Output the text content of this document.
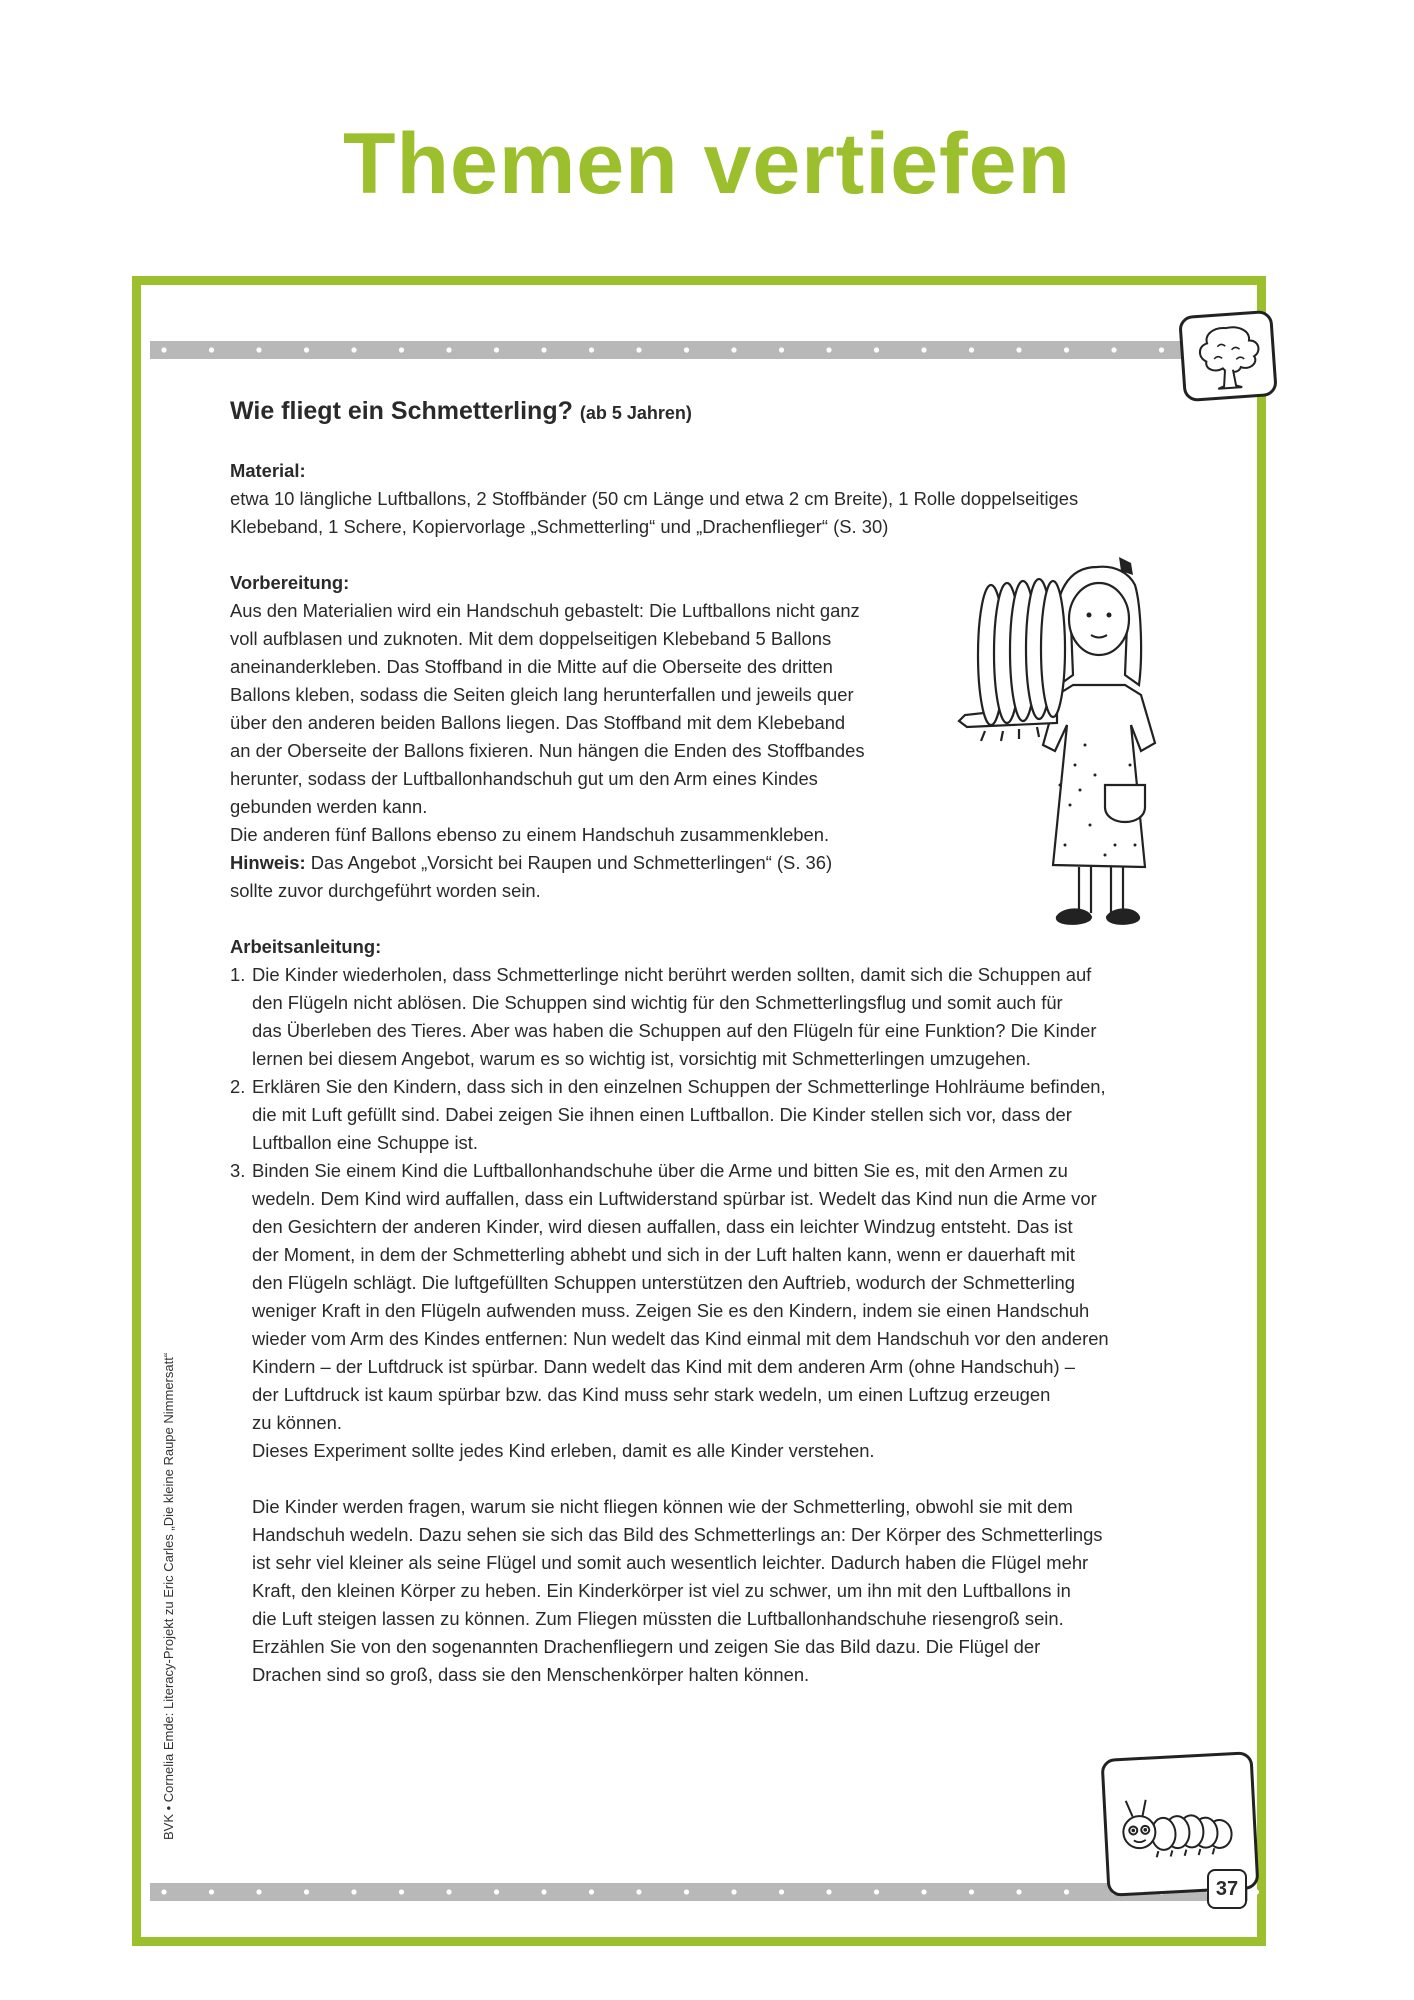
Themen vertiefen
37
BVK • Cornelia Emde: Literacy-Projekt zu Eric Carles „Die kleine Raupe Nimmersatt“
Wie fliegt ein Schmetterling? (ab 5 Jahren)

Material:

etwa 10 längliche Luftballons, 2 Stoffbänder (50 cm Länge und etwa 2 cm Breite), 1 Rolle doppelseitiges

Klebeband, 1 Schere, Kopiervorlage „Schmetterling“ und „Drachenflieger“ (S. 30)

Vorbereitung:

Aus den Materialien wird ein Handschuh gebastelt: Die Luftballons nicht ganz

voll aufblasen und zuknoten. Mit dem doppelseitigen Klebeband 5 Ballons

aneinanderkleben. Das Stoffband in die Mitte auf die Oberseite des dritten

Ballons kleben, sodass die Seiten gleich lang herunterfallen und jeweils quer

über den anderen beiden Ballons liegen. Das Stoffband mit dem Klebeband

an der Oberseite der Ballons fixieren. Nun hängen die Enden des Stoffbandes

herunter, sodass der Luftballonhandschuh gut um den Arm eines Kindes

gebunden werden kann.

Die anderen fünf Ballons ebenso zu einem Handschuh zusammenkleben.

Hinweis: Das Angebot „Vorsicht bei Raupen und Schmetterlingen“ (S. 36)

sollte zuvor durchgeführt worden sein.

Arbeitsanleitung:

1. Die Kinder wiederholen, dass Schmetterlinge nicht berührt werden sollten, damit sich die Schuppen auf
den Flügeln nicht ablösen. Die Schuppen sind wichtig für den Schmetterlingsflug und somit auch für
das Überleben des Tieres. Aber was haben die Schuppen auf den Flügeln für eine Funktion? Die Kinder
lernen bei diesem Angebot, warum es so wichtig ist, vorsichtig mit Schmetterlingen umzugehen.
2. Erklären Sie den Kindern, dass sich in den einzelnen Schuppen der Schmetterlinge Hohlräume befinden,
die mit Luft gefüllt sind. Dabei zeigen Sie ihnen einen Luftballon. Die Kinder stellen sich vor, dass der
Luftballon eine Schuppe ist.
3. Binden Sie einem Kind die Luftballonhandschuhe über die Arme und bitten Sie es, mit den Armen zu
wedeln. Dem Kind wird auffallen, dass ein Luftwiderstand spürbar ist. Wedelt das Kind nun die Arme vor
den Gesichtern der anderen Kinder, wird diesen auffallen, dass ein leichter Windzug entsteht. Das ist
der Moment, in dem der Schmetterling abhebt und sich in der Luft halten kann, wenn er dauerhaft mit
den Flügeln schlägt. Die luftgefüllten Schuppen unterstützen den Auftrieb, wodurch der Schmetterling
weniger Kraft in den Flügeln aufwenden muss. Zeigen Sie es den Kindern, indem sie einen Handschuh
wieder vom Arm des Kindes entfernen: Nun wedelt das Kind einmal mit dem Handschuh vor den anderen
Kindern – der Luftdruck ist spürbar. Dann wedelt das Kind mit dem anderen Arm (ohne Handschuh) –
der Luftdruck ist kaum spürbar bzw. das Kind muss sehr stark wedeln, um einen Luftzug erzeugen
zu können.
Dieses Experiment sollte jedes Kind erleben, damit es alle Kinder verstehen.
Die Kinder werden fragen, warum sie nicht fliegen können wie der Schmetterling, obwohl sie mit dem
Handschuh wedeln. Dazu sehen sie sich das Bild des Schmetterlings an: Der Körper des Schmetterlings
ist sehr viel kleiner als seine Flügel und somit auch wesentlich leichter. Dadurch haben die Flügel mehr
Kraft, den kleinen Körper zu heben. Ein Kinderkörper ist viel zu schwer, um ihn mit den Luftballons in
die Luft steigen lassen zu können. Zum Fliegen müssten die Luftballonhandschuhe riesengroß sein.
Erzählen Sie von den sogenannten Drachenfliegern und zeigen Sie das Bild dazu. Die Flügel der
Drachen sind so groß, dass sie den Menschenkörper halten können.
